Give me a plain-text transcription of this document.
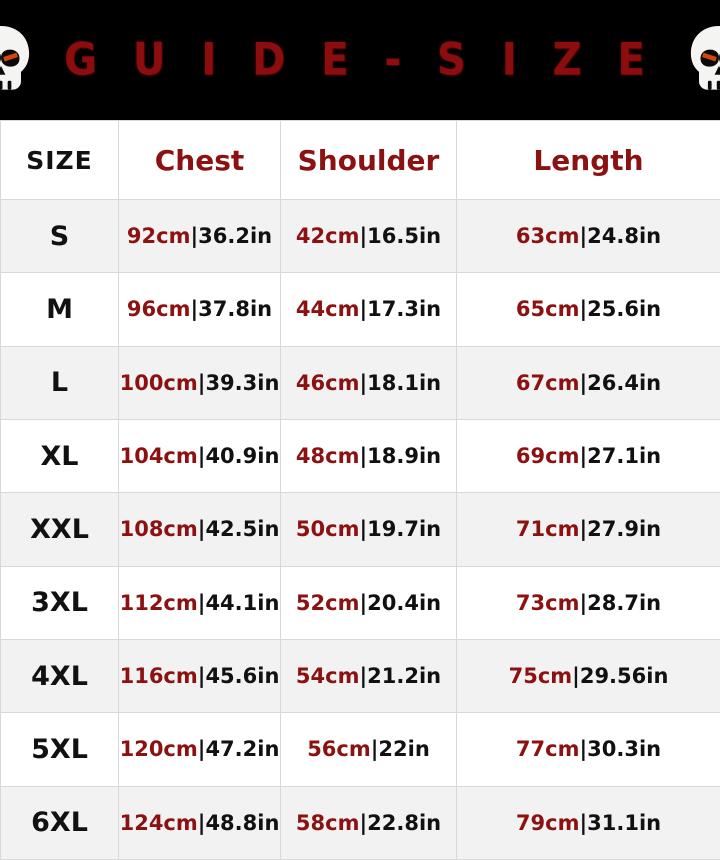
G U I D E - S I Z E
SIZE	Chest	Shoulder	Length
S	92cm|36.2in	42cm|16.5in	63cm|24.8in
M	96cm|37.8in	44cm|17.3in	65cm|25.6in
L	100cm|39.3in	46cm|18.1in	67cm|26.4in
XL	104cm|40.9in	48cm|18.9in	69cm|27.1in
XXL	108cm|42.5in	50cm|19.7in	71cm|27.9in
3XL	112cm|44.1in	52cm|20.4in	73cm|28.7in
4XL	116cm|45.6in	54cm|21.2in	75cm|29.56in
5XL	120cm|47.2in	56cm|22in	77cm|30.3in
6XL	124cm|48.8in	58cm|22.8in	79cm|31.1in
